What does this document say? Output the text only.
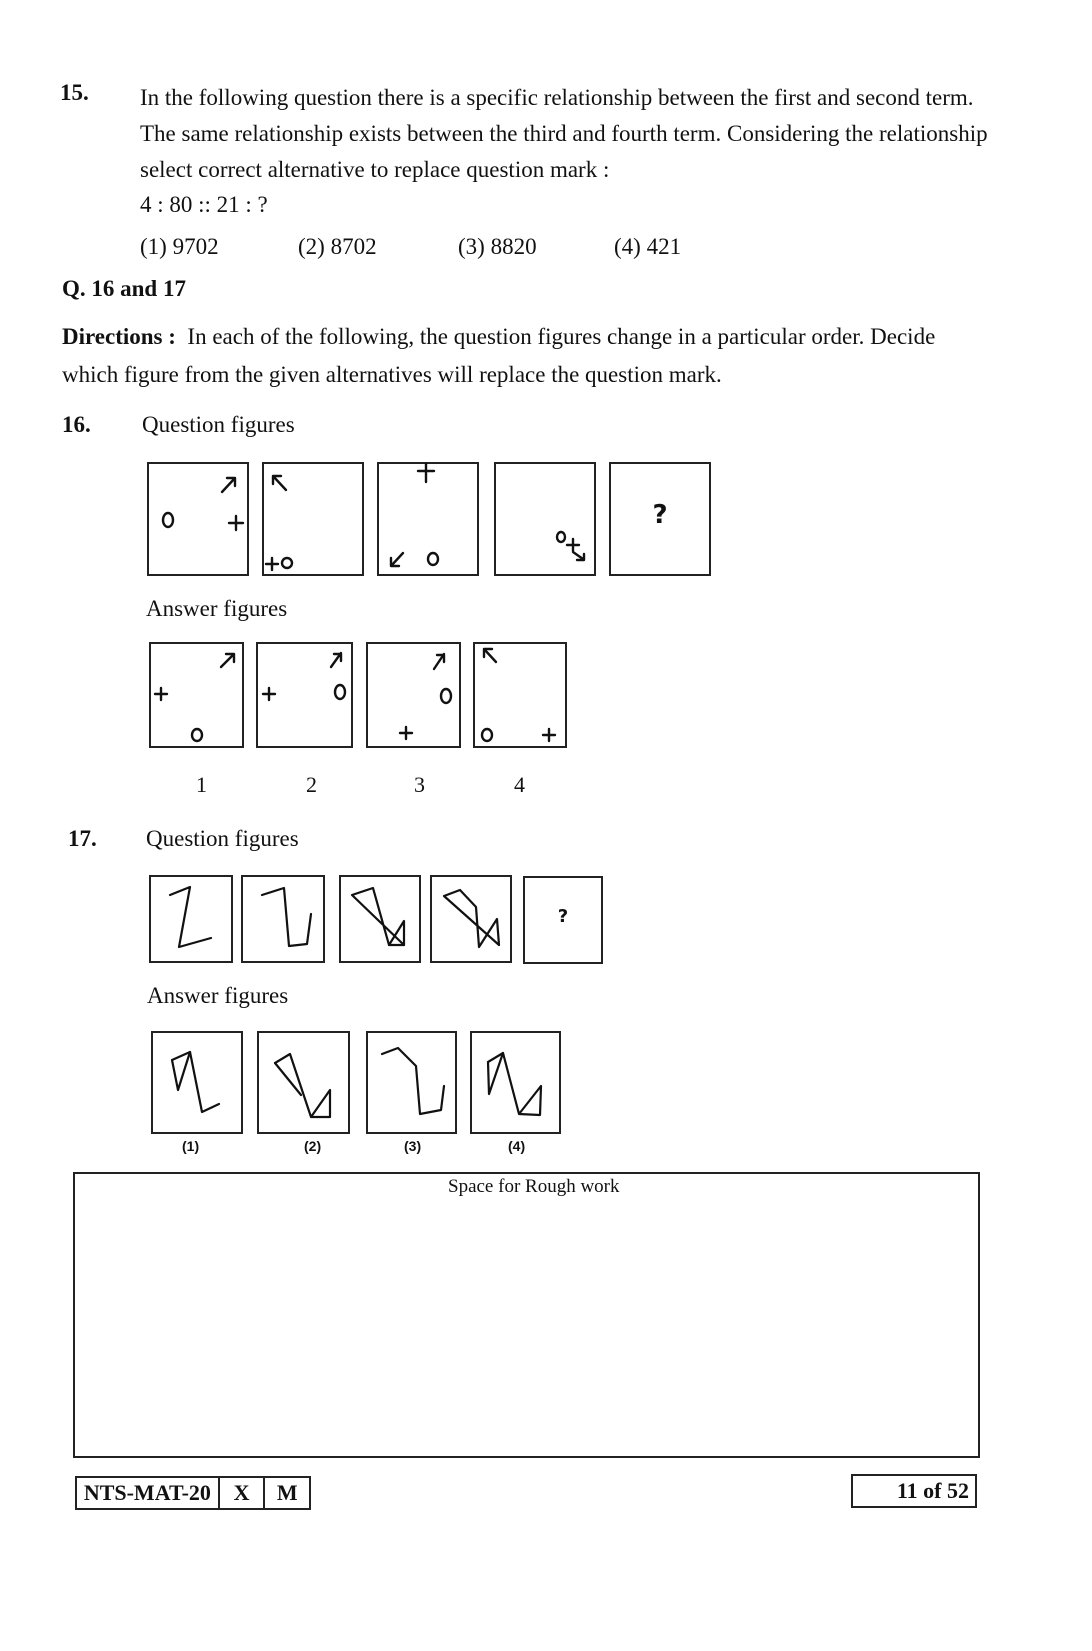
15. In the following question there is a specific relationship between the first and second term.
The same relationship exists between the third and fourth term. Considering the relationship
select correct alternative to replace question mark :
4 : 80 :: 21 : ?
(1) 9702	(2) 8702	(3) 8820	(4) 421
Q. 16 and 17
Directions : In each of the following, the question figures change in a particular order. Decide
which figure from the given alternatives will replace the question mark.
16. Question figures
?
Answer figures
1	2	3	4
17. Question figures
?
Answer figures
(1)	(2)	(3)	(4)
Space for Rough work
NTS-MAT-20	X	M	11 of 52
